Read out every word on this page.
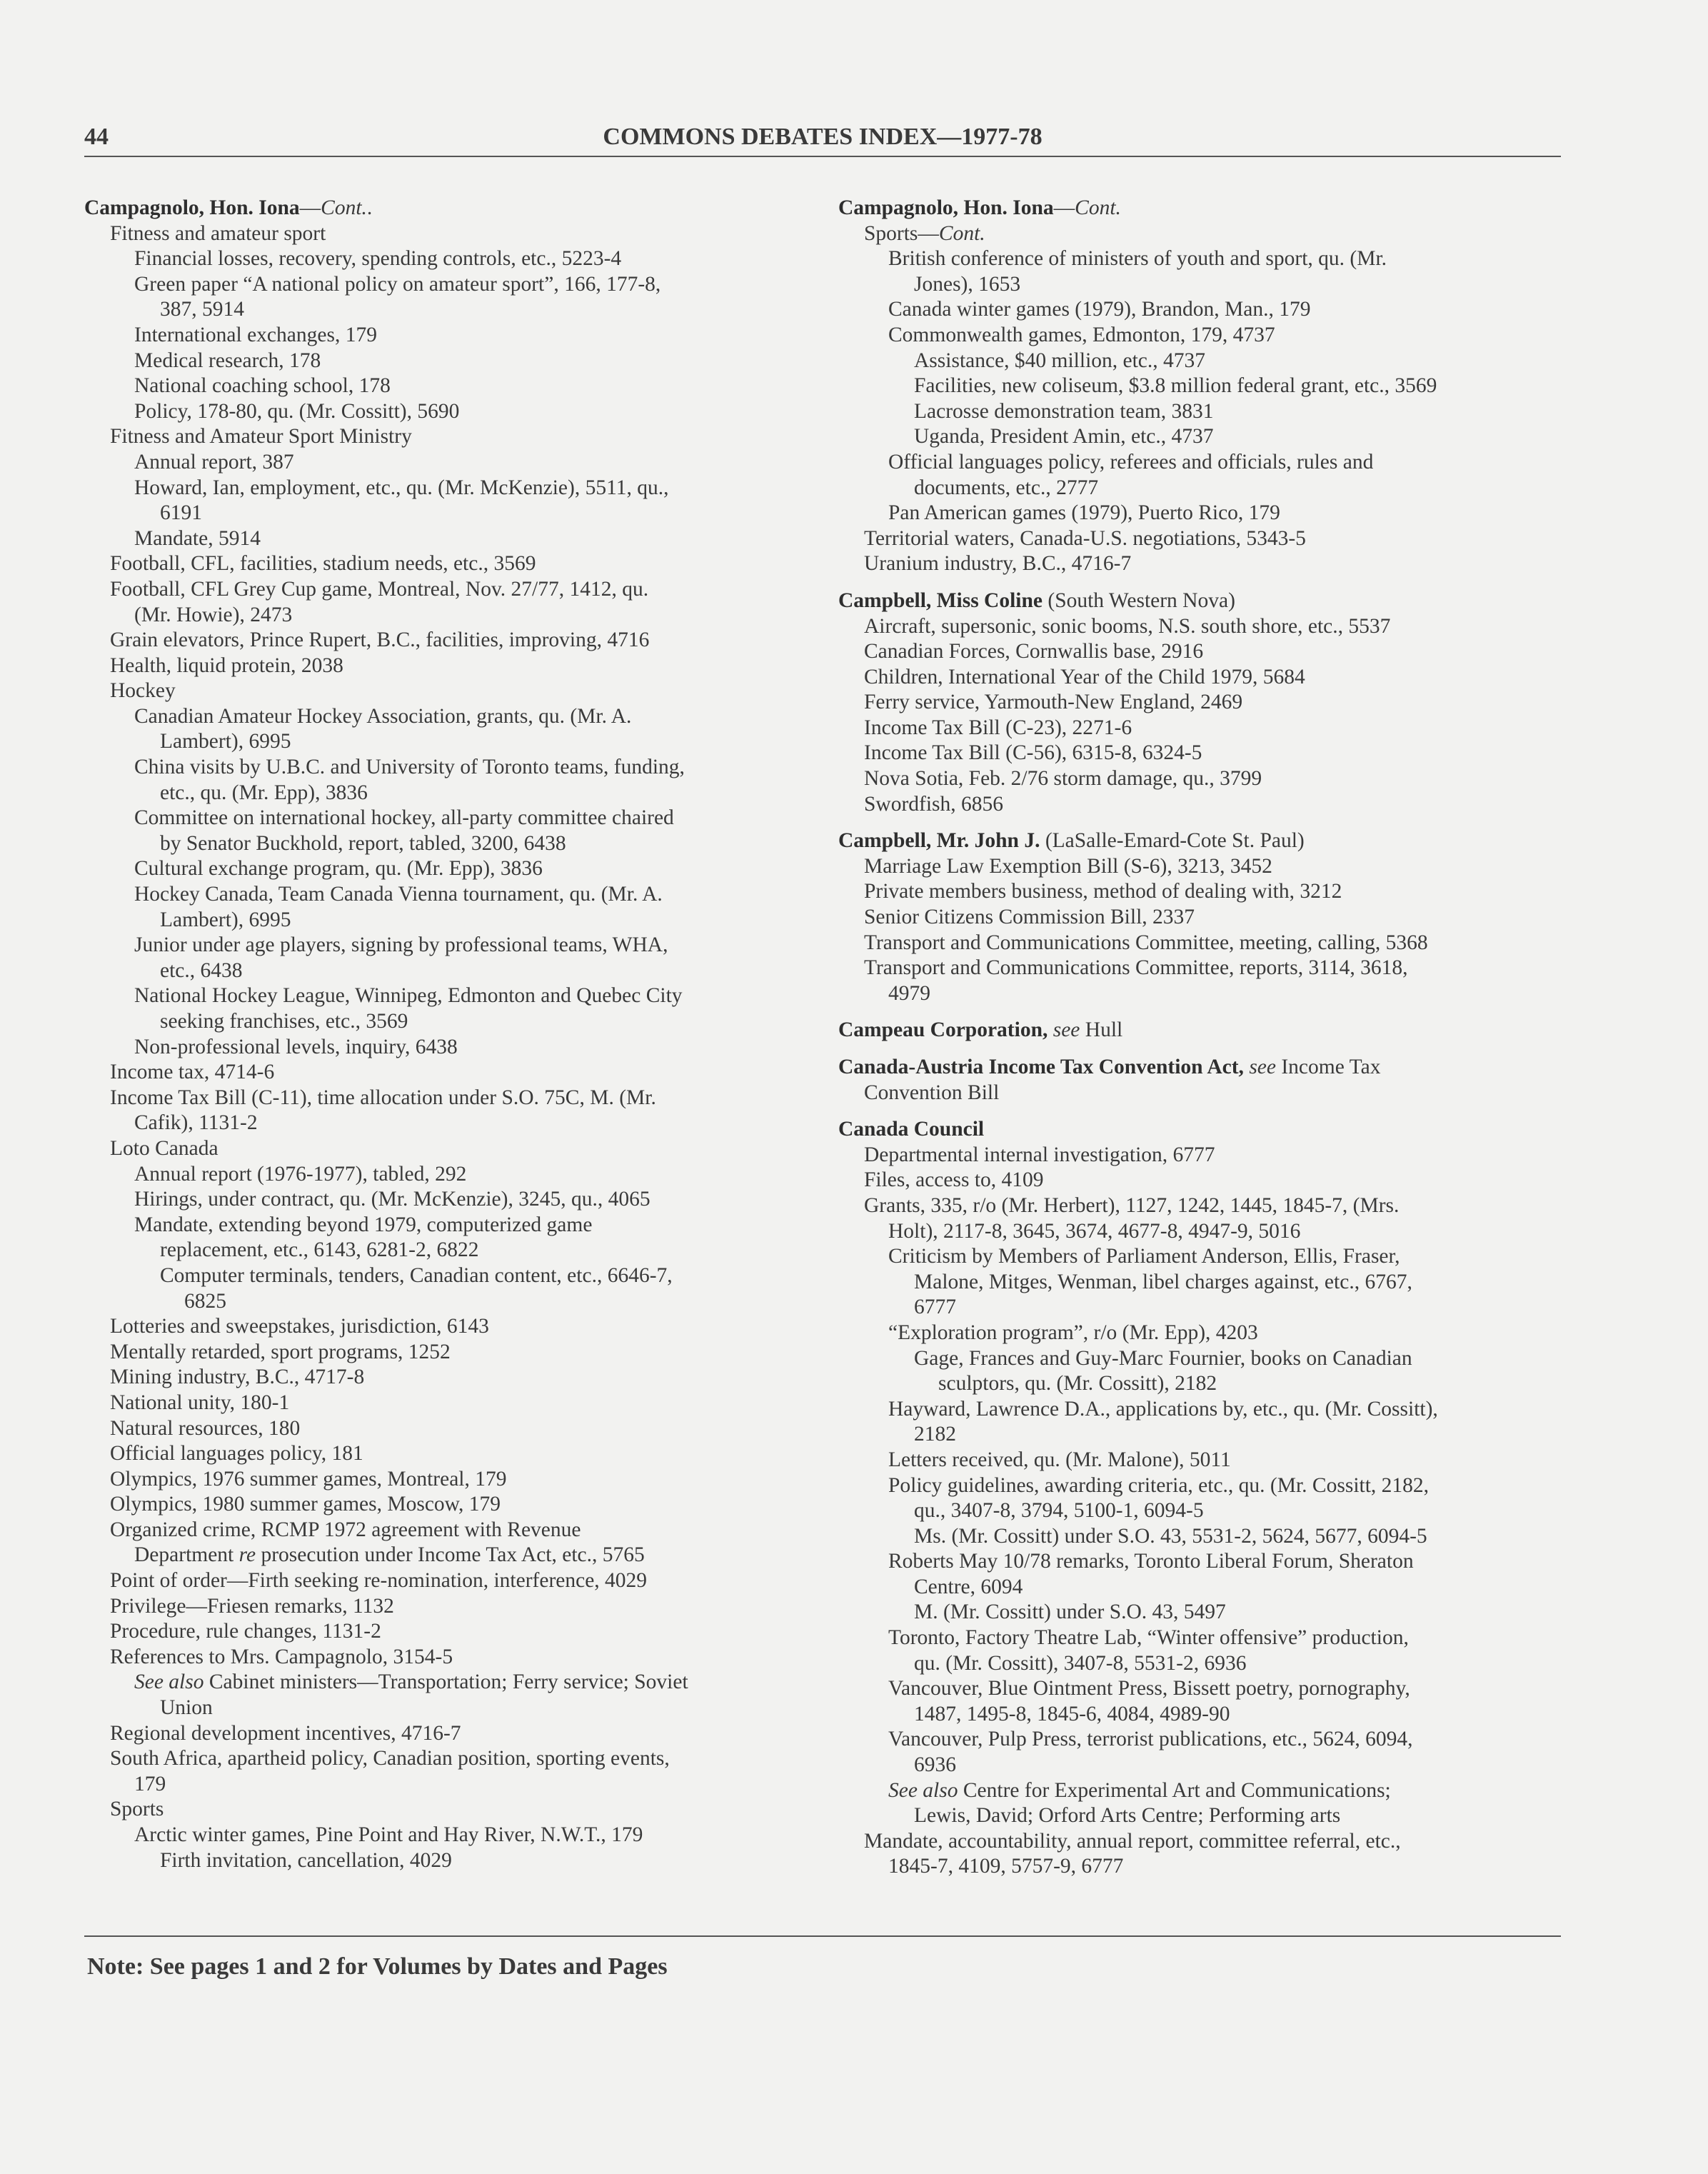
44	COMMONS DEBATES INDEX—1977-78
Campagnolo, Hon. Iona—Cont..
Fitness and amateur sport
Financial losses, recovery, spending controls, etc., 5223-4
Green paper “A national policy on amateur sport”, 166, 177-8,
387, 5914
International exchanges, 179
Medical research, 178
National coaching school, 178
Policy, 178-80, qu. (Mr. Cossitt), 5690
Fitness and Amateur Sport Ministry
Annual report, 387
Howard, Ian, employment, etc., qu. (Mr. McKenzie), 5511, qu.,
6191
Mandate, 5914
Football, CFL, facilities, stadium needs, etc., 3569
Football, CFL Grey Cup game, Montreal, Nov. 27/77, 1412, qu.
(Mr. Howie), 2473
Grain elevators, Prince Rupert, B.C., facilities, improving, 4716
Health, liquid protein, 2038
Hockey
Canadian Amateur Hockey Association, grants, qu. (Mr. A.
Lambert), 6995
China visits by U.B.C. and University of Toronto teams, funding,
etc., qu. (Mr. Epp), 3836
Committee on international hockey, all-party committee chaired
by Senator Buckhold, report, tabled, 3200, 6438
Cultural exchange program, qu. (Mr. Epp), 3836
Hockey Canada, Team Canada Vienna tournament, qu. (Mr. A.
Lambert), 6995
Junior under age players, signing by professional teams, WHA,
etc., 6438
National Hockey League, Winnipeg, Edmonton and Quebec City
seeking franchises, etc., 3569
Non-professional levels, inquiry, 6438
Income tax, 4714-6
Income Tax Bill (C-11), time allocation under S.O. 75C, M. (Mr.
Cafik), 1131-2
Loto Canada
Annual report (1976-1977), tabled, 292
Hirings, under contract, qu. (Mr. McKenzie), 3245, qu., 4065
Mandate, extending beyond 1979, computerized game
replacement, etc., 6143, 6281-2, 6822
Computer terminals, tenders, Canadian content, etc., 6646-7,
6825
Lotteries and sweepstakes, jurisdiction, 6143
Mentally retarded, sport programs, 1252
Mining industry, B.C., 4717-8
National unity, 180-1
Natural resources, 180
Official languages policy, 181
Olympics, 1976 summer games, Montreal, 179
Olympics, 1980 summer games, Moscow, 179
Organized crime, RCMP 1972 agreement with Revenue
Department re prosecution under Income Tax Act, etc., 5765
Point of order—Firth seeking re-nomination, interference, 4029
Privilege—Friesen remarks, 1132
Procedure, rule changes, 1131-2
References to Mrs. Campagnolo, 3154-5
See also Cabinet ministers—Transportation; Ferry service; Soviet
Union
Regional development incentives, 4716-7
South Africa, apartheid policy, Canadian position, sporting events,
179
Sports
Arctic winter games, Pine Point and Hay River, N.W.T., 179
Firth invitation, cancellation, 4029
Campagnolo, Hon. Iona—Cont.
Sports—Cont.
British conference of ministers of youth and sport, qu. (Mr.
Jones), 1653
Canada winter games (1979), Brandon, Man., 179
Commonwealth games, Edmonton, 179, 4737
Assistance, $40 million, etc., 4737
Facilities, new coliseum, $3.8 million federal grant, etc., 3569
Lacrosse demonstration team, 3831
Uganda, President Amin, etc., 4737
Official languages policy, referees and officials, rules and
documents, etc., 2777
Pan American games (1979), Puerto Rico, 179
Territorial waters, Canada-U.S. negotiations, 5343-5
Uranium industry, B.C., 4716-7
Campbell, Miss Coline (South Western Nova)
Aircraft, supersonic, sonic booms, N.S. south shore, etc., 5537
Canadian Forces, Cornwallis base, 2916
Children, International Year of the Child 1979, 5684
Ferry service, Yarmouth-New England, 2469
Income Tax Bill (C-23), 2271-6
Income Tax Bill (C-56), 6315-8, 6324-5
Nova Sotia, Feb. 2/76 storm damage, qu., 3799
Swordfish, 6856
Campbell, Mr. John J. (LaSalle-Emard-Cote St. Paul)
Marriage Law Exemption Bill (S-6), 3213, 3452
Private members business, method of dealing with, 3212
Senior Citizens Commission Bill, 2337
Transport and Communications Committee, meeting, calling, 5368
Transport and Communications Committee, reports, 3114, 3618,
4979
Campeau Corporation, see Hull
Canada-Austria Income Tax Convention Act, see Income Tax
Convention Bill
Canada Council
Departmental internal investigation, 6777
Files, access to, 4109
Grants, 335, r/o (Mr. Herbert), 1127, 1242, 1445, 1845-7, (Mrs.
Holt), 2117-8, 3645, 3674, 4677-8, 4947-9, 5016
Criticism by Members of Parliament Anderson, Ellis, Fraser,
Malone, Mitges, Wenman, libel charges against, etc., 6767,
6777
“Exploration program”, r/o (Mr. Epp), 4203
Gage, Frances and Guy-Marc Fournier, books on Canadian
sculptors, qu. (Mr. Cossitt), 2182
Hayward, Lawrence D.A., applications by, etc., qu. (Mr. Cossitt),
2182
Letters received, qu. (Mr. Malone), 5011
Policy guidelines, awarding criteria, etc., qu. (Mr. Cossitt, 2182,
qu., 3407-8, 3794, 5100-1, 6094-5
Ms. (Mr. Cossitt) under S.O. 43, 5531-2, 5624, 5677, 6094-5
Roberts May 10/78 remarks, Toronto Liberal Forum, Sheraton
Centre, 6094
M. (Mr. Cossitt) under S.O. 43, 5497
Toronto, Factory Theatre Lab, “Winter offensive” production,
qu. (Mr. Cossitt), 3407-8, 5531-2, 6936
Vancouver, Blue Ointment Press, Bissett poetry, pornography,
1487, 1495-8, 1845-6, 4084, 4989-90
Vancouver, Pulp Press, terrorist publications, etc., 5624, 6094,
6936
See also Centre for Experimental Art and Communications;
Lewis, David; Orford Arts Centre; Performing arts
Mandate, accountability, annual report, committee referral, etc.,
1845-7, 4109, 5757-9, 6777
Note: See pages 1 and 2 for Volumes by Dates and Pages
